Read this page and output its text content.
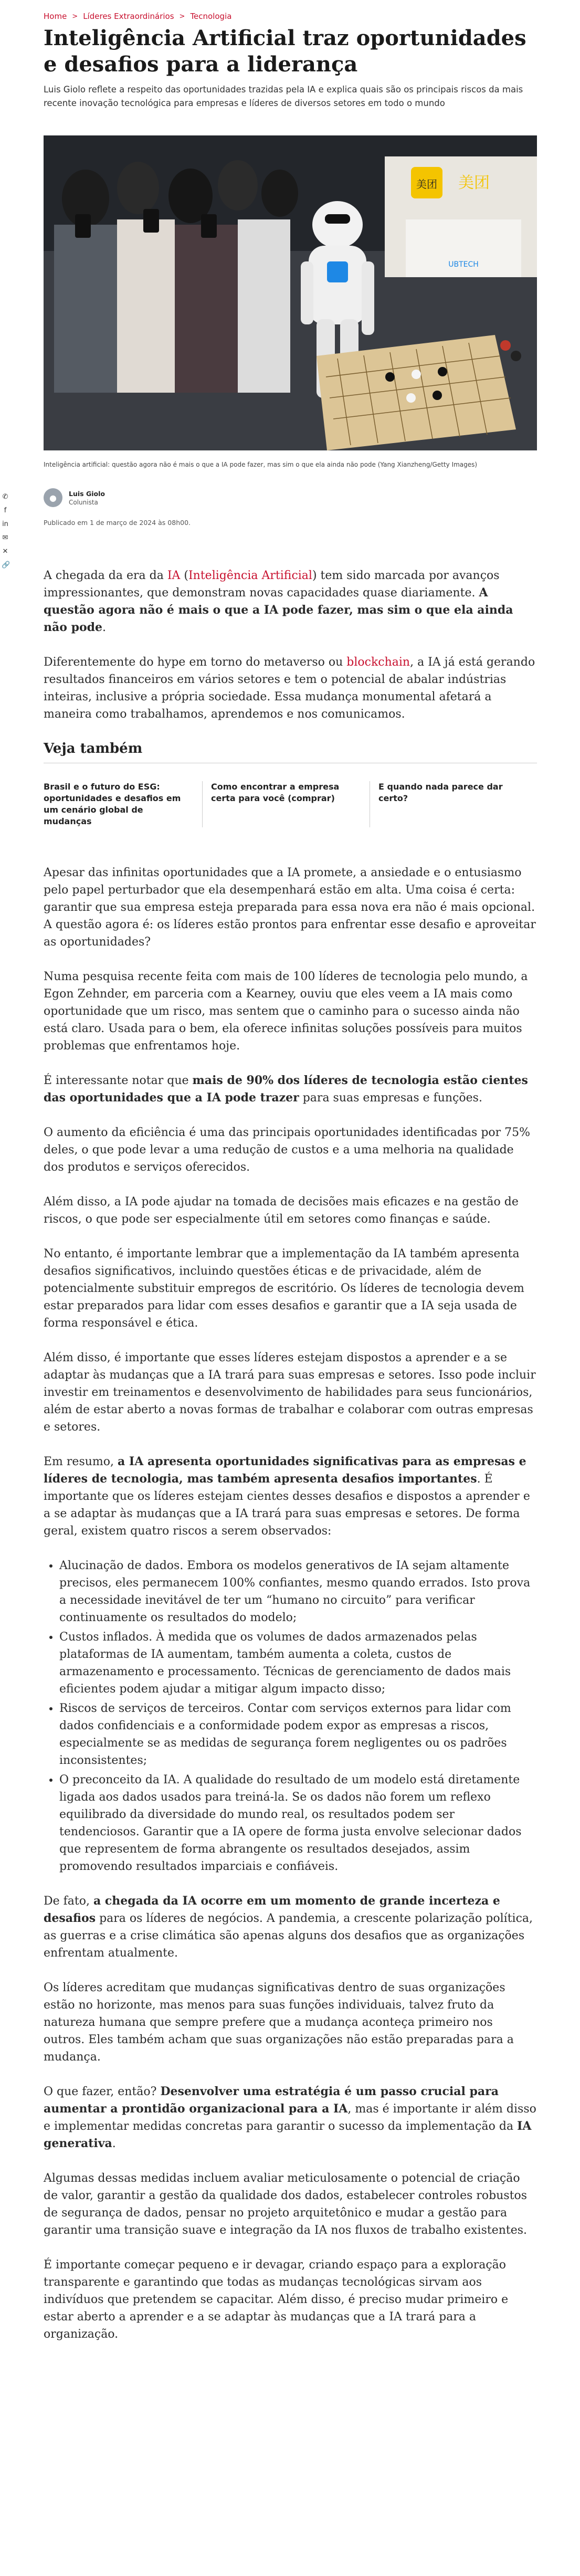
Home > Líderes Extraordinários > Tecnologia
Inteligência Artificial traz oportunidades e desafios para a liderança

Luis Giolo reflete a respeito das oportunidades trazidas pela IA e explica quais são os principais riscos da mais recente inovação tecnológica para empresas e líderes de diversos setores em todo o mundo

美团 美团
UBTECH

Inteligência artificial: questão agora não é mais o que a IA pode fazer, mas sim o que ela ainda não pode (Yang Xianzheng/Getty Images)

✆
f
in
✉
✕
🔗
●	Luis Giolo
Colunista
Publicado em 1 de março de 2024 às 08h00.

A chegada da era da IA (Inteligência Artificial) tem sido marcada por avanços impressionantes, que demonstram novas capacidades quase diariamente. A questão agora não é mais o que a IA pode fazer, mas sim o que ela ainda não pode.

Diferentemente do hype em torno do metaverso ou blockchain, a IA já está gerando resultados financeiros em vários setores e tem o potencial de abalar indústrias inteiras, inclusive a própria sociedade. Essa mudança monumental afetará a maneira como trabalhamos, aprendemos e nos comunicamos.

Veja também
Brasil e o futuro do ESG: oportunidades e desafios em um cenário global de mudanças
Como encontrar a empresa certa para você (comprar)
E quando nada parece dar certo?

Apesar das infinitas oportunidades que a IA promete, a ansiedade e o entusiasmo pelo papel perturbador que ela desempenhará estão em alta. Uma coisa é certa: garantir que sua empresa esteja preparada para essa nova era não é mais opcional. A questão agora é: os líderes estão prontos para enfrentar esse desafio e aproveitar as oportunidades?

Numa pesquisa recente feita com mais de 100 líderes de tecnologia pelo mundo, a Egon Zehnder, em parceria com a Kearney, ouviu que eles veem a IA mais como oportunidade que um risco, mas sentem que o caminho para o sucesso ainda não está claro. Usada para o bem, ela oferece infinitas soluções possíveis para muitos problemas que enfrentamos hoje.

É interessante notar que mais de 90% dos líderes de tecnologia estão cientes das oportunidades que a IA pode trazer para suas empresas e funções.

O aumento da eficiência é uma das principais oportunidades identificadas por 75% deles, o que pode levar a uma redução de custos e a uma melhoria na qualidade dos produtos e serviços oferecidos.

Além disso, a IA pode ajudar na tomada de decisões mais eficazes e na gestão de riscos, o que pode ser especialmente útil em setores como finanças e saúde.

No entanto, é importante lembrar que a implementação da IA também apresenta desafios significativos, incluindo questões éticas e de privacidade, além de potencialmente substituir empregos de escritório. Os líderes de tecnologia devem estar preparados para lidar com esses desafios e garantir que a IA seja usada de forma responsável e ética.

Além disso, é importante que esses líderes estejam dispostos a aprender e a se adaptar às mudanças que a IA trará para suas empresas e setores. Isso pode incluir investir em treinamentos e desenvolvimento de habilidades para seus funcionários, além de estar aberto a novas formas de trabalhar e colaborar com outras empresas e setores.

Em resumo, a IA apresenta oportunidades significativas para as empresas e líderes de tecnologia, mas também apresenta desafios importantes. É importante que os líderes estejam cientes desses desafios e dispostos a aprender e a se adaptar às mudanças que a IA trará para suas empresas e setores. De forma geral, existem quatro riscos a serem observados:

• Alucinação de dados. Embora os modelos generativos de IA sejam altamente precisos, eles permanecem 100% confiantes, mesmo quando errados. Isto prova a necessidade inevitável de ter um “humano no circuito” para verificar continuamente os resultados do modelo;
• Custos inflados. À medida que os volumes de dados armazenados pelas plataformas de IA aumentam, também aumenta a coleta, custos de armazenamento e processamento. Técnicas de gerenciamento de dados mais eficientes podem ajudar a mitigar algum impacto disso;
• Riscos de serviços de terceiros. Contar com serviços externos para lidar com dados confidenciais e a conformidade podem expor as empresas a riscos, especialmente se as medidas de segurança forem negligentes ou os padrões inconsistentes;
• O preconceito da IA. A qualidade do resultado de um modelo está diretamente ligada aos dados usados para treiná-la. Se os dados não forem um reflexo equilibrado da diversidade do mundo real, os resultados podem ser tendenciosos. Garantir que a IA opere de forma justa envolve selecionar dados que representem de forma abrangente os resultados desejados, assim promovendo resultados imparciais e confiáveis.

De fato, a chegada da IA ocorre em um momento de grande incerteza e desafios para os líderes de negócios. A pandemia, a crescente polarização política, as guerras e a crise climática são apenas alguns dos desafios que as organizações enfrentam atualmente.

Os líderes acreditam que mudanças significativas dentro de suas organizações estão no horizonte, mas menos para suas funções individuais, talvez fruto da natureza humana que sempre prefere que a mudança aconteça primeiro nos outros. Eles também acham que suas organizações não estão preparadas para a mudança.

O que fazer, então? Desenvolver uma estratégia é um passo crucial para aumentar a prontidão organizacional para a IA, mas é importante ir além disso e implementar medidas concretas para garantir o sucesso da implementação da IA generativa.

Algumas dessas medidas incluem avaliar meticulosamente o potencial de criação de valor, garantir a gestão da qualidade dos dados, estabelecer controles robustos de segurança de dados, pensar no projeto arquitetônico e mudar a gestão para garantir uma transição suave e integração da IA nos fluxos de trabalho existentes.

É importante começar pequeno e ir devagar, criando espaço para a exploração transparente e garantindo que todas as mudanças tecnológicas sirvam aos indivíduos que pretendem se capacitar. Além disso, é preciso mudar primeiro e estar aberto a aprender e a se adaptar às mudanças que a IA trará para a organização.
